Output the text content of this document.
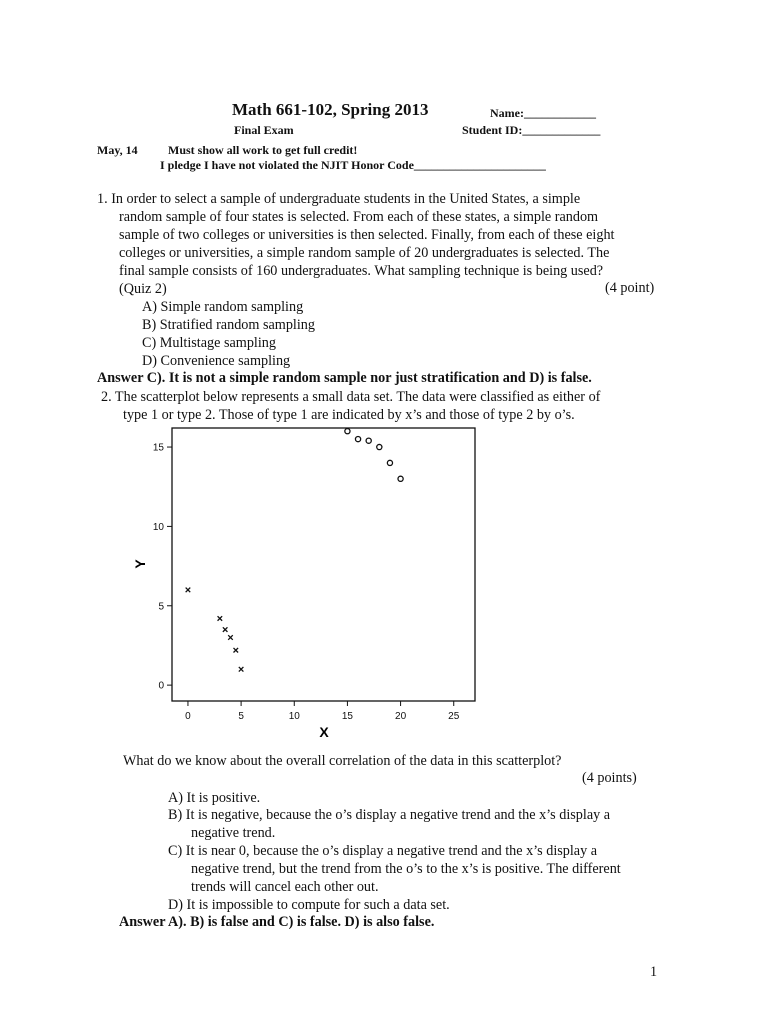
Math 661-102, Spring 2013	Name:____________
Final Exam	Student ID:_____________
May, 14	Must show all work to get full credit!
I pledge I have not violated the NJIT Honor Code______________________
1. In order to select a sample of undergraduate students in the United States, a simple
random sample of four states is selected. From each of these states, a simple random
sample of two colleges or universities is then selected. Finally, from each of these eight
colleges or universities, a simple random sample of 20 undergraduates is selected. The
final sample consists of 160 undergraduates. What sampling technique is being used?
(Quiz 2)	(4 point)
A) Simple random sampling
B) Stratified random sampling
C) Multistage sampling
D) Convenience sampling
Answer C). It is not a simple random sample nor just stratification and D) is false.
2. The scatterplot below represents a small data set. The data were classified as either of
type 1 or type 2. Those of type 1 are indicated by x’s and those of type 2 by o’s.
X
Y
0	5	10	15	20	25
0
5
10
15
What do we know about the overall correlation of the data in this scatterplot?
(4 points)
A) It is positive.
B) It is negative, because the o’s display a negative trend and the x’s display a
negative trend.
C) It is near 0, because the o’s display a negative trend and the x’s display a
negative trend, but the trend from the o’s to the x’s is positive. The different
trends will cancel each other out.
D) It is impossible to compute for such a data set.
Answer A). B) is false and C) is false. D) is also false.
1
